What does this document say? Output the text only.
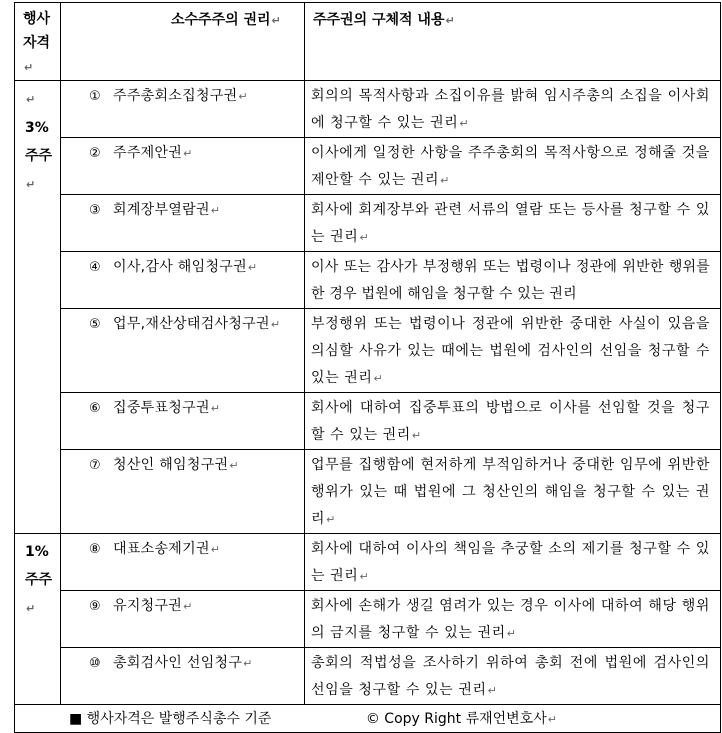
행사
자격↵	소수주주의 권리↵	주주권의 구체적 내용↵
↵
3%
주주↵	① 주주총회소집청구권↵	회의의 목적사항과 소집이유를 밝혀 임시주총의 소집을 이사회에 청구할 수 있는 권리↵
	② 주주제안권↵	이사에게 일정한 사항을 주주총회의 목적사항으로 정해줄 것을 제안할 수 있는 권리↵
	③ 회계장부열람권↵	회사에 회계장부와 관련 서류의 열람 또는 등사를 청구할 수 있는 권리↵
	④ 이사,감사 해임청구권↵	이사 또는 감사가 부정행위 또는 법령이나 정관에 위반한 행위를 한 경우 법원에 해임을 청구할 수 있는 권리

	⑤ 업무,재산상태검사청구권↵	부정행위 또는 법령이나 정관에 위반한 중대한 사실이 있음을 의심할 사유가 있는 때에는 법원에 검사인의 선임을 청구할 수 있는 권리↵
	⑥ 집중투표청구권↵	회사에 대하여 집중투표의 방법으로 이사를 선임할 것을 청구할 수 있는 권리↵
	⑦ 청산인 해임청구권↵	업무를 집행함에 현저하게 부적임하거나 중대한 임무에 위반한 행위가 있는 때 법원에 그 청산인의 해임을 청구할 수 있는 권리↵
1%
주주↵	⑧ 대표소송제기권↵	회사에 대하여 이사의 책임을 추궁할 소의 제기를 청구할 수 있는 권리↵
	⑨ 유지청구권↵	회사에 손해가 생길 염려가 있는 경우 이사에 대하여 해당 행위의 금지를 청구할 수 있는 권리↵
	⑩ 총회검사인 선임청구↵	총회의 적법성을 조사하기 위하여 총회 전에 법원에 검사인의 선임을 청구할 수 있는 권리↵
■ 행사자격은 발행주식총수 기준 © Copy Right 류재언변호사↵		
